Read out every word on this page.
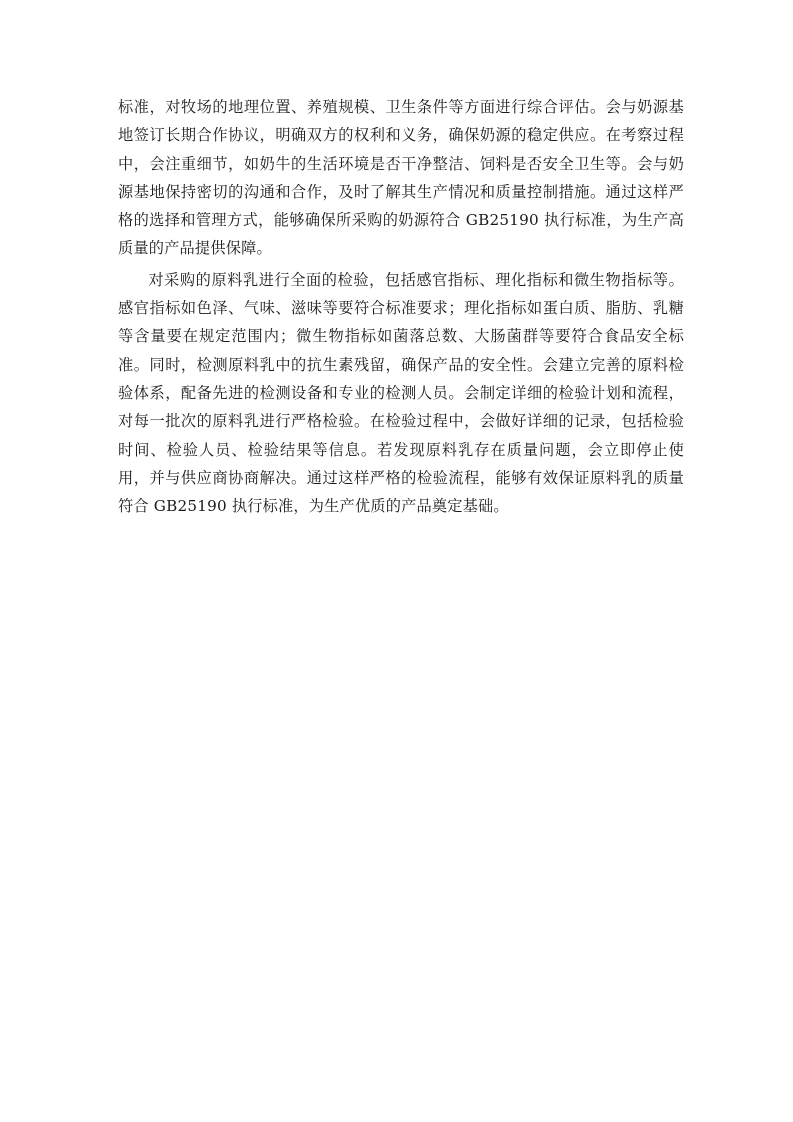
标准，对牧场的地理位置、养殖规模、卫生条件等方面进行综合评估。会与奶源基地签订长期合作协议，明确双方的权利和义务，确保奶源的稳定供应。在考察过程中，会注重细节，如奶牛的生活环境是否干净整洁、饲料是否安全卫生等。会与奶源基地保持密切的沟通和合作，及时了解其生产情况和质量控制措施。通过这样严格的选择和管理方式，能够确保所采购的奶源符合 GB25190 执行标准，为生产高质量的产品提供保障。

对采购的原料乳进行全面的检验，包括感官指标、理化指标和微生物指标等。感官指标如色泽、气味、滋味等要符合标准要求；理化指标如蛋白质、脂肪、乳糖等含量要在规定范围内；微生物指标如菌落总数、大肠菌群等要符合食品安全标准。同时，检测原料乳中的抗生素残留，确保产品的安全性。会建立完善的原料检验体系，配备先进的检测设备和专业的检测人员。会制定详细的检验计划和流程，对每一批次的原料乳进行严格检验。在检验过程中，会做好详细的记录，包括检验时间、检验人员、检验结果等信息。若发现原料乳存在质量问题，会立即停止使用，并与供应商协商解决。通过这样严格的检验流程，能够有效保证原料乳的质量符合 GB25190 执行标准，为生产优质的产品奠定基础。
